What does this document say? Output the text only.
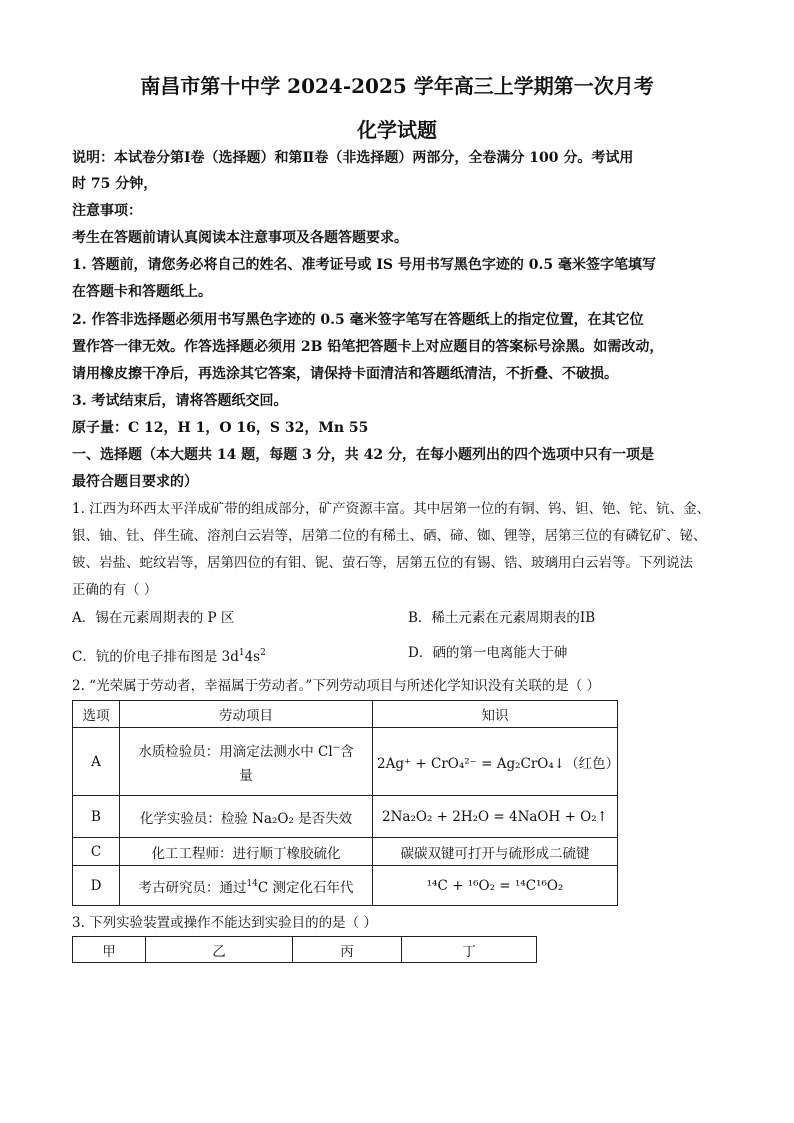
南昌市第十中学 2024-2025 学年高三上学期第一次月考
化学试题
说明：本试卷分第Ⅰ卷（选择题）和第Ⅱ卷（非选择题）两部分，全卷满分 100 分。考试用
时 75 分钟，
注意事项：
考生在答题前请认真阅读本注意事项及各题答题要求。
1. 答题前，请您务必将自己的姓名、准考证号或 IS 号用书写黑色字迹的 0.5 毫米签字笔填写
在答题卡和答题纸上。
2. 作答非选择题必须用书写黑色字迹的 0.5 毫米签字笔写在答题纸上的指定位置，在其它位
置作答一律无效。作答选择题必须用 2B 铅笔把答题卡上对应题目的答案标号涂黑。如需改动，
请用橡皮擦干净后，再选涂其它答案，请保持卡面清洁和答题纸清洁，不折叠、不破损。
3. 考试结束后，请将答题纸交回。
原子量：C 12，H 1，O 16，S 32，Mn 55
一、选择题（本大题共 14 题，每题 3 分，共 42 分，在每小题列出的四个选项中只有一项是
最符合题目要求的）
1. 江西为环西太平洋成矿带的组成部分，矿产资源丰富。其中居第一位的有铜、钨、钽、铯、铊、钪、金、
银、铀、钍、伴生硫、溶剂白云岩等，居第二位的有稀土、硒、碲、铷、锂等，居第三位的有磷钇矿、铋、
铍、岩盐、蛇纹岩等，居第四位的有钼、铌、萤石等，居第五位的有锡、锆、玻璃用白云岩等。下列说法
正确的有（ ）
A．锡在元素周期表的 P 区	B．稀土元素在元素周期表的ⅠB
C．钪的价电子排布图是 $3d^14s^2$	D．硒的第一电离能大于砷
2. “光荣属于劳动者，幸福属于劳动者。”下列劳动项目与所述化学知识没有关联的是（ ）
选项	劳动项目	知识
A	水质检验员：用滴定法测水中 Cl−含
量	2Ag⁺ + CrO₄²⁻ = Ag₂CrO₄↓（红色）
B	化学实验员：检验 Na₂O₂ 是否失效	2Na₂O₂ + 2H₂O = 4NaOH + O₂↑
C	化工工程师：进行顺丁橡胶硫化	碳碳双键可打开与硫形成二硫键
D	考古研究员：通过$^{14}$C 测定化石年代	¹⁴C + ¹⁶O₂ = ¹⁴C¹⁶O₂
3. 下列实验装置或操作不能达到实验目的的是（ ）
甲	乙	丙	丁
